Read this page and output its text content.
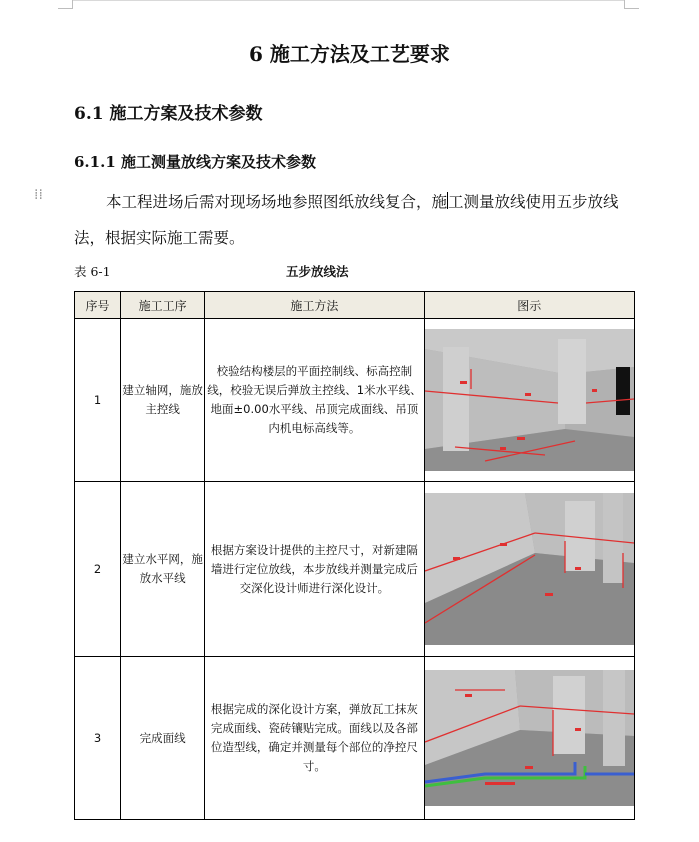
6 施工方法及工艺要求
6.1 施工方案及技术参数
6.1.1 施工测量放线方案及技术参数
⁞⁞	本工程进场后需对现场场地参照图纸放线复合，施工测量放线使用五步放线法，根据实际施工需要。
表 6-1	五步放线法
序号	施工工序	施工方法	图示
1	建立轴网，施放主控线	校验结构楼层的平面控制线、标高控制线，校验无误后弹放主控线、1米水平线、地面±0.00水平线、吊顶完成面线、吊顶内机电标高线等。	

2	建立水平网，施放水平线	根据方案设计提供的主控尺寸，对新建隔墙进行定位放线，本步放线并测量完成后交深化设计师进行深化设计。	

3	完成面线	根据完成的深化设计方案，弹放瓦工抹灰完成面线、瓷砖镶贴完成。面线以及各部位造型线，确定并测量每个部位的净控尺寸。	
